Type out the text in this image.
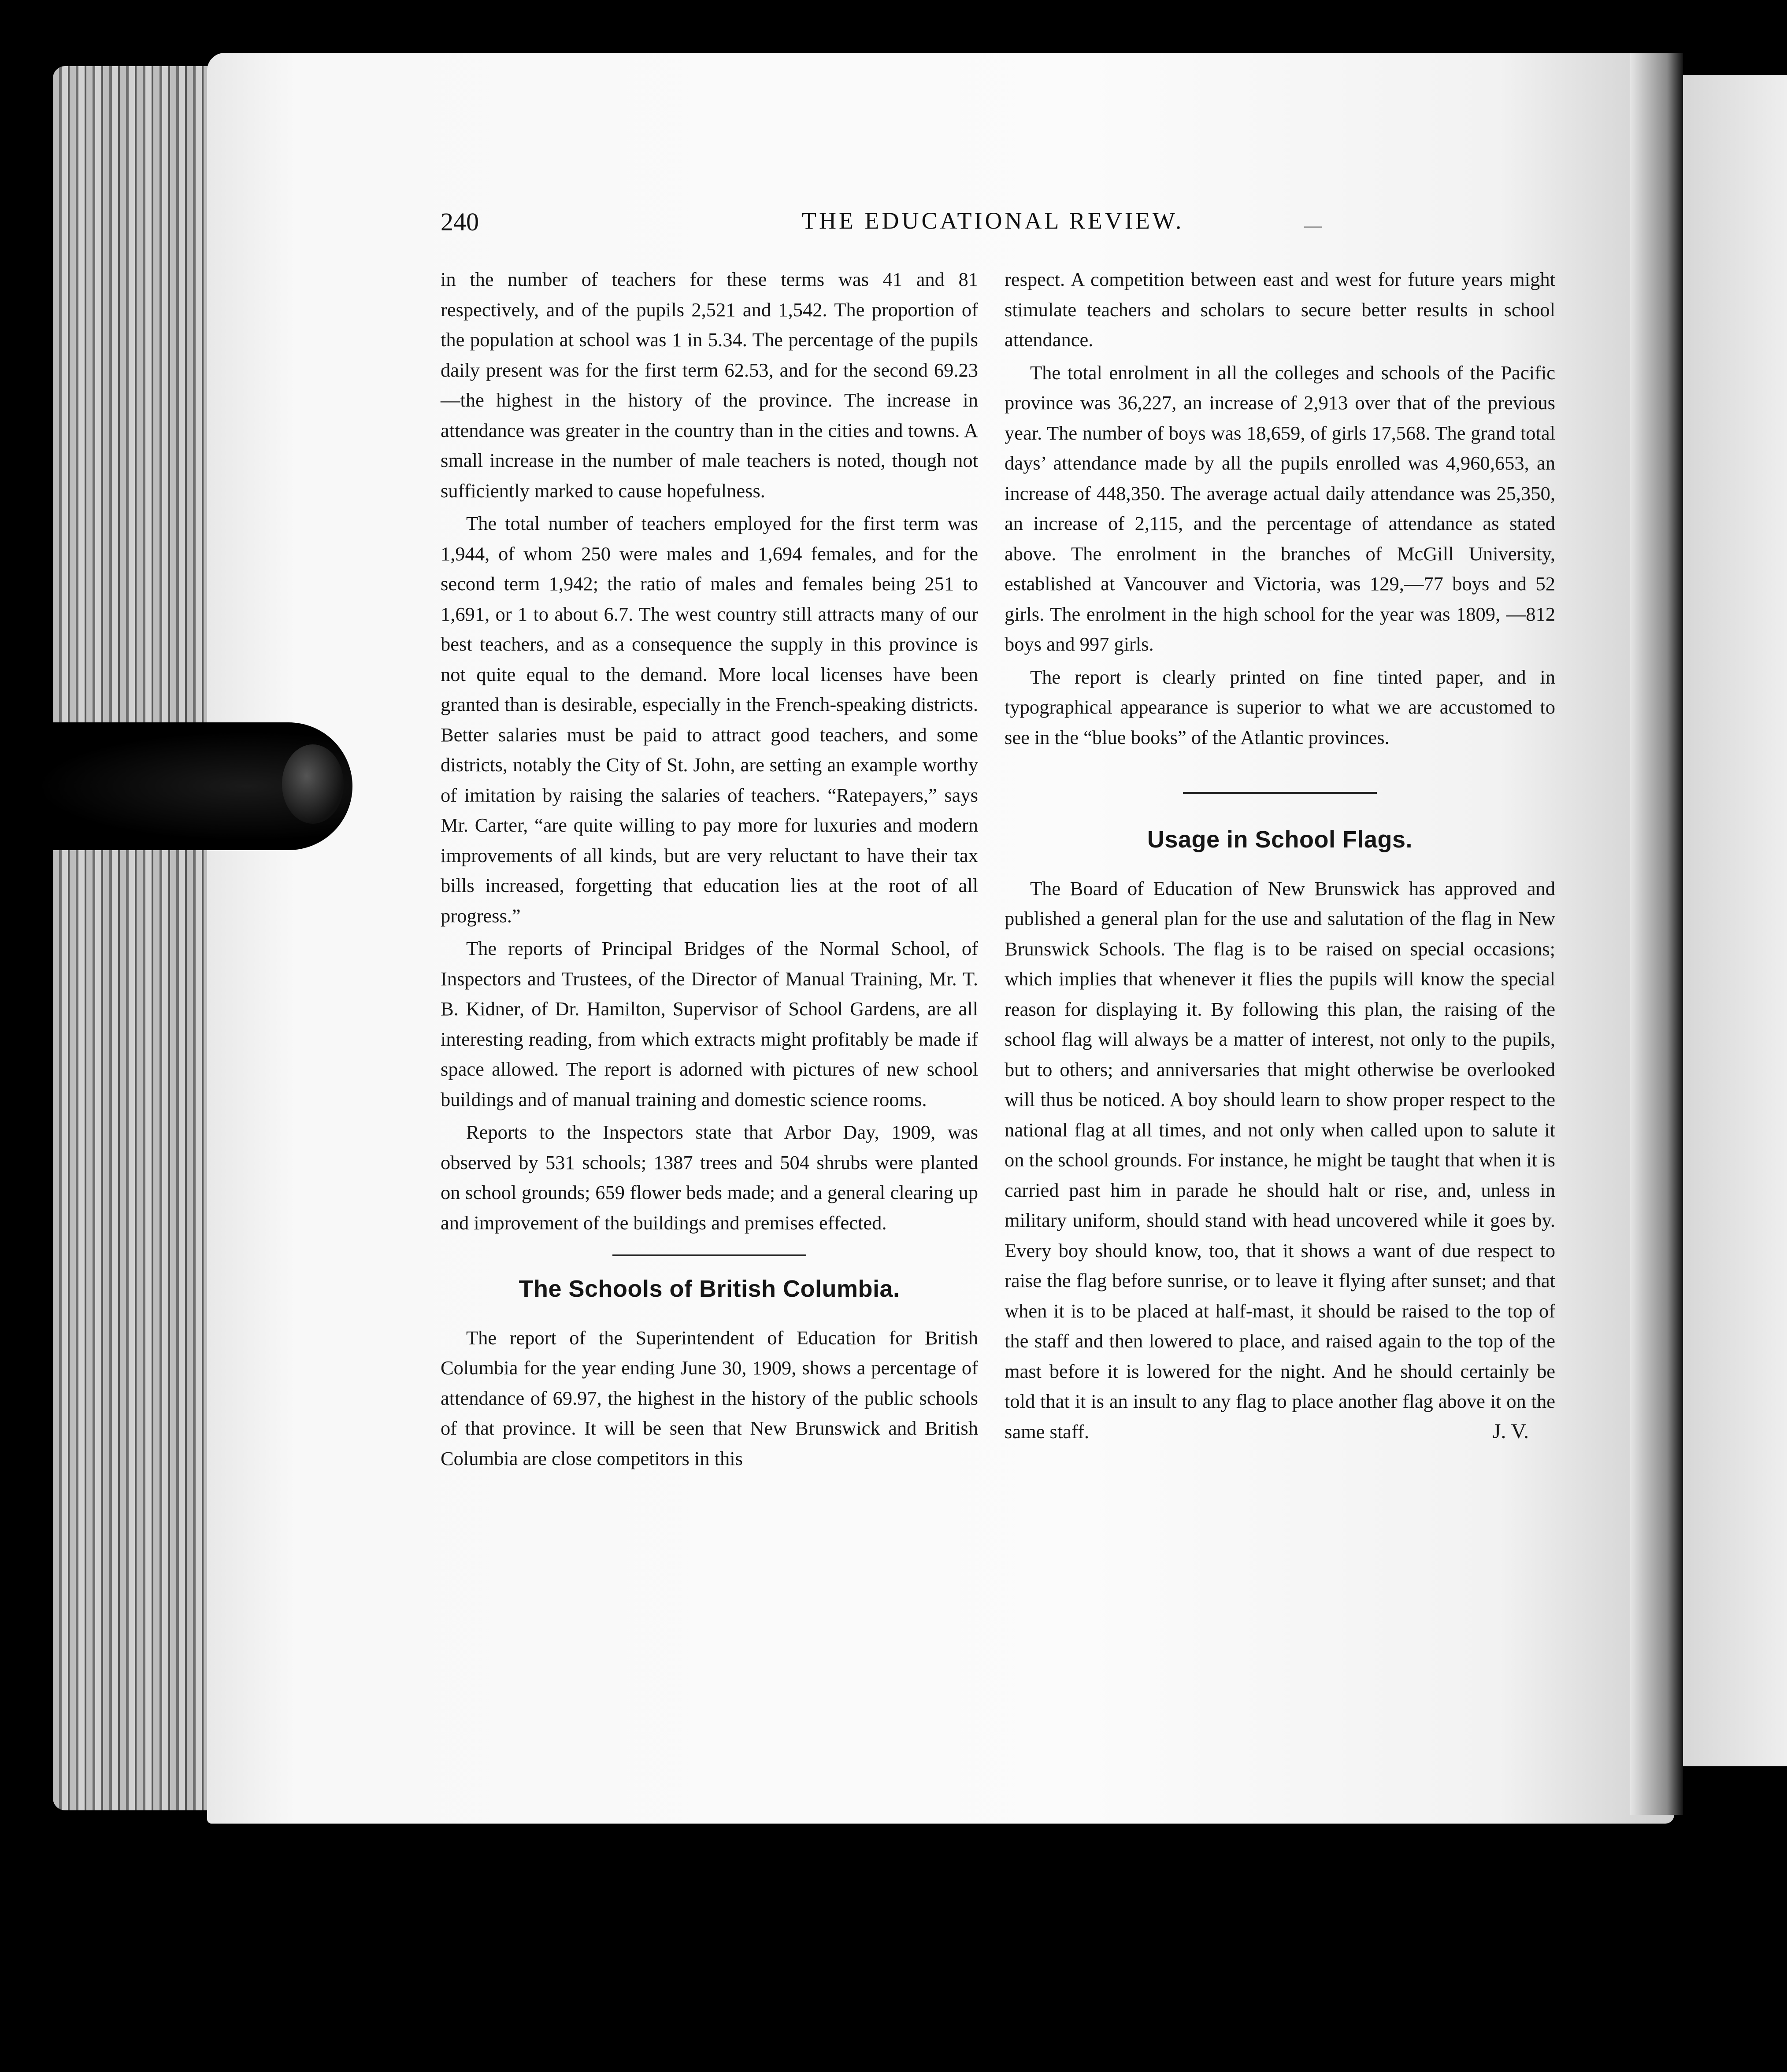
240	THE EDUCATIONAL REVIEW.	—

in the number of teachers for these terms was 41 and 81 respectively, and of the pupils 2,521 and 1,542. The proportion of the population at school was 1 in 5.34. The percentage of the pupils daily present was for the first term 62.53, and for the second 69.23—the highest in the history of the province. The increase in attendance was greater in the country than in the cities and towns. A small increase in the number of male teachers is noted, though not sufficiently marked to cause hopefulness.

The total number of teachers employed for the first term was 1,944, of whom 250 were males and 1,694 females, and for the second term 1,942; the ratio of males and females being 251 to 1,691, or 1 to about 6.7. The west country still attracts many of our best teachers, and as a consequence the supply in this province is not quite equal to the demand. More local licenses have been granted than is desirable, especially in the French-speaking districts. Better salaries must be paid to attract good teachers, and some districts, notably the City of St. John, are setting an example worthy of imitation by raising the salaries of teachers. “Ratepayers,” says Mr. Carter, “are quite willing to pay more for luxuries and modern improvements of all kinds, but are very reluctant to have their tax bills increased, forgetting that education lies at the root of all progress.”

The reports of Principal Bridges of the Normal School, of Inspectors and Trustees, of the Director of Manual Training, Mr. T. B. Kidner, of Dr. Hamilton, Supervisor of School Gardens, are all interesting reading, from which extracts might profitably be made if space allowed. The report is adorned with pictures of new school buildings and of manual training and domestic science rooms.

Reports to the Inspectors state that Arbor Day, 1909, was observed by 531 schools; 1387 trees and 504 shrubs were planted on school grounds; 659 flower beds made; and a general clearing up and improvement of the buildings and premises effected.

The Schools of British Columbia.

The report of the Superintendent of Education for British Columbia for the year ending June 30, 1909, shows a percentage of attendance of 69.97, the highest in the history of the public schools of that province. It will be seen that New Brunswick and British Columbia are close competitors in this

respect. A competition between east and west for future years might stimulate teachers and scholars to secure better results in school attendance.

The total enrolment in all the colleges and schools of the Pacific province was 36,227, an increase of 2,913 over that of the previous year. The number of boys was 18,659, of girls 17,568. The grand total days’ attendance made by all the pupils enrolled was 4,960,653, an increase of 448,350. The average actual daily attendance was 25,350, an increase of 2,115, and the percentage of attendance as stated above. The enrolment in the branches of McGill University, established at Vancouver and Victoria, was 129,—77 boys and 52 girls. The enrolment in the high school for the year was 1809, —812 boys and 997 girls.

The report is clearly printed on fine tinted paper, and in typographical appearance is superior to what we are accustomed to see in the “blue books” of the Atlantic provinces.

Usage in School Flags.

The Board of Education of New Brunswick has approved and published a general plan for the use and salutation of the flag in New Brunswick Schools. The flag is to be raised on special occasions; which implies that whenever it flies the pupils will know the special reason for displaying it. By following this plan, the raising of the school flag will always be a matter of interest, not only to the pupils, but to others; and anniversaries that might otherwise be overlooked will thus be noticed. A boy should learn to show proper respect to the national flag at all times, and not only when called upon to salute it on the school grounds. For instance, he might be taught that when it is carried past him in parade he should halt or rise, and, unless in military uniform, should stand with head uncovered while it goes by. Every boy should know, too, that it shows a want of due respect to raise the flag before sunrise, or to leave it flying after sunset; and that when it is to be placed at half-mast, it should be raised to the top of the staff and then lowered to place, and raised again to the top of the mast before it is lowered for the night. And he should certainly be told that it is an insult to any flag to place another flag above it on the same staff.	J. V.
